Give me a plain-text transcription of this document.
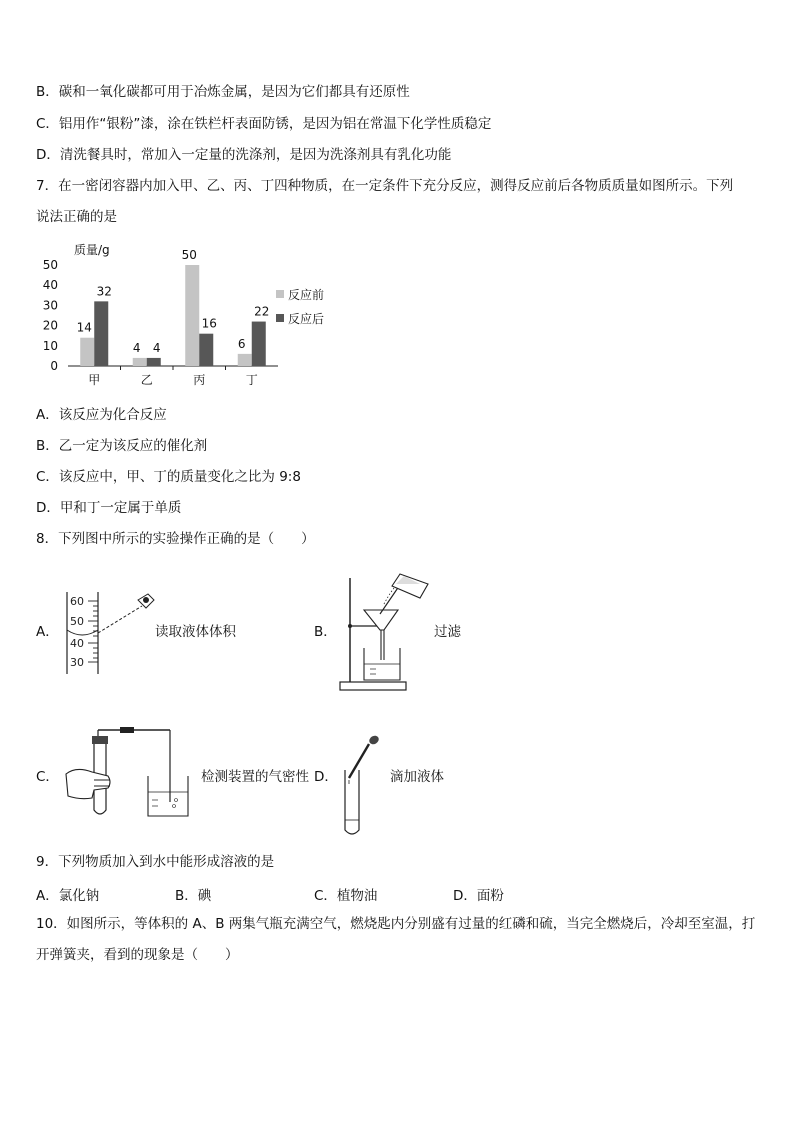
B．碳和一氧化碳都可用于冶炼金属，是因为它们都具有还原性
C．铝用作“银粉”漆，涂在铁栏杆表面防锈，是因为铝在常温下化学性质稳定
D．清洗餐具时，常加入一定量的洗涤剂，是因为洗涤剂具有乳化功能
7．在一密闭容器内加入甲、乙、丙、丁四种物质，在一定条件下充分反应，测得反应前后各物质质量如图所示。下列
说法正确的是
质量/g
50
40
30
20
10
0
甲
14
32
乙
4 4
丙
50
16
丁
6
22
反应前
反应后
A．该反应为化合反应
B．乙一定为该反应的催化剂
C．该反应中，甲、丁的质量变化之比为 9:8
D．甲和丁一定属于单质
8．下列图中所示的实验操作正确的是（　　）
A．
60
50
40
30
读取液体体积	B．	过滤
C．	检测装置的气密性 D．	滴加液体
9．下列物质加入到水中能形成溶液的是
A．氯化钠	B．碘	C．植物油	D．面粉
10．如图所示，等体积的 A、B 两集气瓶充满空气，燃烧匙内分别盛有过量的红磷和硫，当完全燃烧后，冷却至室温，打
开弹簧夹，看到的现象是（　　）
